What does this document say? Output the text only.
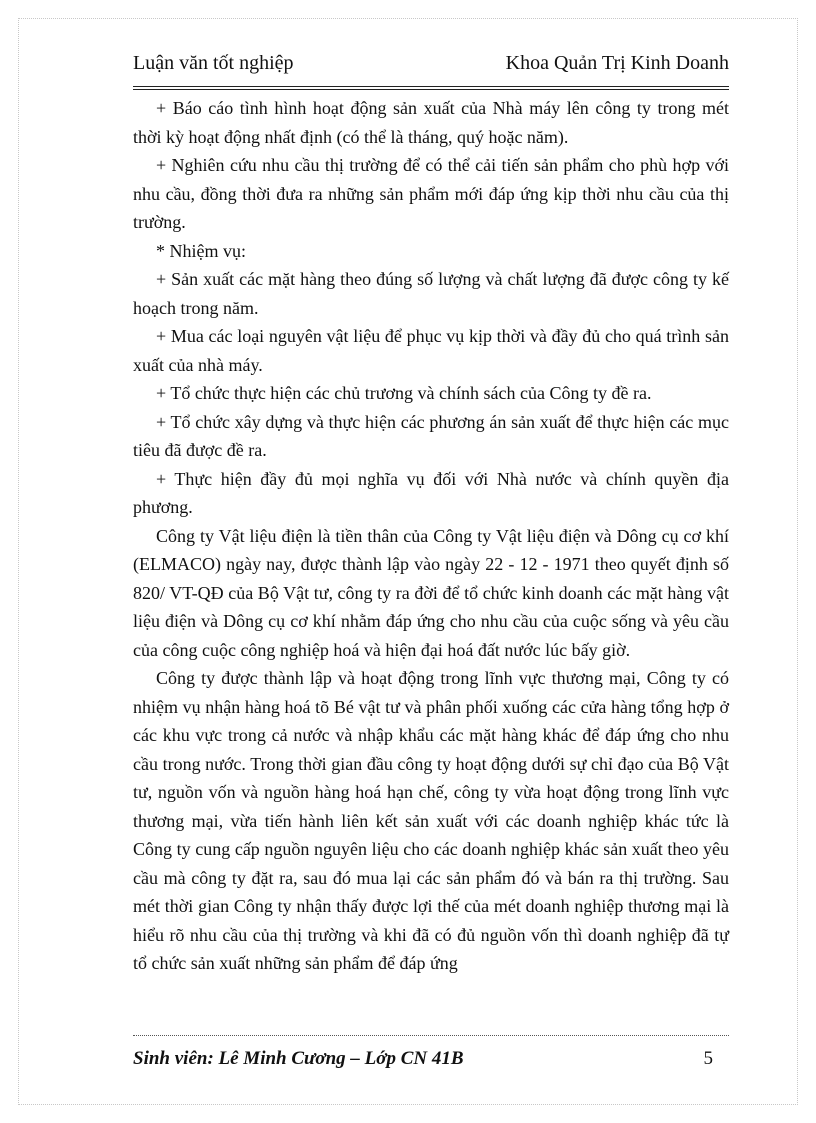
Luận văn tốt nghiệp	Khoa Quản Trị Kinh Doanh

+ Báo cáo tình hình hoạt động sản xuất của Nhà máy lên công ty trong mét thời kỳ hoạt động nhất định (có thể là tháng, quý hoặc năm).

+ Nghiên cứu nhu cầu thị trường để có thể cải tiến sản phẩm cho phù hợp với nhu cầu, đồng thời đưa ra những sản phẩm mới đáp ứng kịp thời nhu cầu của thị trường.

* Nhiệm vụ:

+ Sản xuất các mặt hàng theo đúng số lượng và chất lượng đã được công ty kế hoạch trong năm.

+ Mua các loại nguyên vật liệu để phục vụ kịp thời và đầy đủ cho quá trình sản xuất của nhà máy.

+ Tổ chức thực hiện các chủ trương và chính sách của Công ty đề ra.

+ Tổ chức xây dựng và thực hiện các phương án sản xuất để thực hiện các mục tiêu đã được đề ra.

+ Thực hiện đầy đủ mọi nghĩa vụ đối với Nhà nước và chính quyền địa phương.

Công ty Vật liệu điện là tiền thân của Công ty Vật liệu điện và Dông cụ cơ khí (ELMACO) ngày nay, được thành lập vào ngày 22 - 12 - 1971 theo quyết định số 820/ VT-QĐ của Bộ Vật tư, công ty ra đời để tổ chức kinh doanh các mặt hàng vật liệu điện và Dông cụ cơ khí nhằm đáp ứng cho nhu cầu của cuộc sống và yêu cầu của công cuộc công nghiệp hoá và hiện đại hoá đất nước lúc bấy giờ.

Công ty được thành lập và hoạt động trong lĩnh vực thương mại, Công ty có nhiệm vụ nhận hàng hoá tõ Bé vật tư và phân phối xuống các cửa hàng tổng hợp ở các khu vực trong cả nước và nhập khẩu các mặt hàng khác để đáp ứng cho nhu cầu trong nước. Trong thời gian đầu công ty hoạt động dưới sự chỉ đạo của Bộ Vật tư, nguồn vốn và nguồn hàng hoá hạn chế, công ty vừa hoạt động trong lĩnh vực thương mại, vừa tiến hành liên kết sản xuất với các doanh nghiệp khác tức là Công ty cung cấp nguồn nguyên liệu cho các doanh nghiệp khác sản xuất theo yêu cầu mà công ty đặt ra, sau đó mua lại các sản phẩm đó và bán ra thị trường. Sau mét thời gian Công ty nhận thấy được lợi thế của mét doanh nghiệp thương mại là hiểu rõ nhu cầu của thị trường và khi đã có đủ nguồn vốn thì doanh nghiệp đã tự tổ chức sản xuất những sản phẩm để đáp ứng

Sinh viên: Lê Minh Cương – Lớp CN 41B	5
